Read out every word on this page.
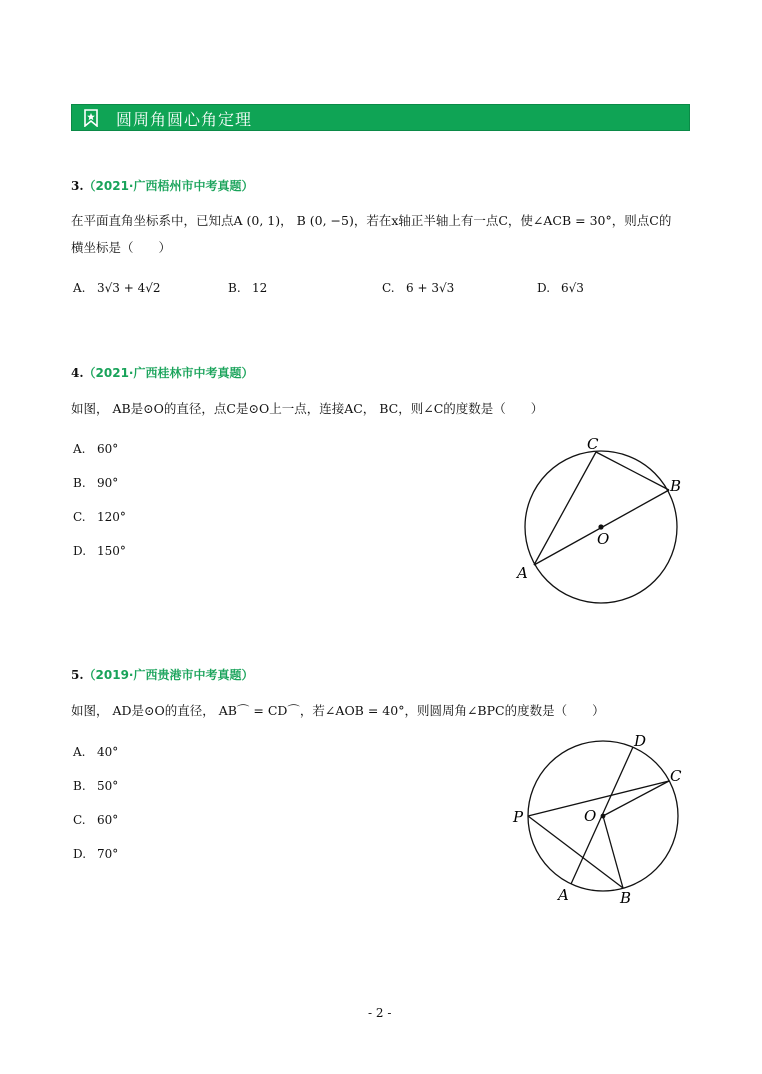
圆周角圆心角定理
3.（2021·广西梧州市中考真题）
在平面直角坐标系中，已知点A (0, 1)， B (0, −5)，若在x轴正半轴上有一点C，使∠ACB = 30°，则点C的
横坐标是（　　）
A. 3√3 + 4√2	B. 12	C. 6 + 3√3	D. 6√3
4.（2021·广西桂林市中考真题）
如图， AB是⊙O的直径，点C是⊙O上一点，连接AC， BC，则∠C的度数是（　　）
A. 60°
B. 90°
C. 120°
D. 150°
C
B
O
A
5.（2019·广西贵港市中考真题）
如图， AD是⊙O的直径， AB⌒ = CD⌒，若∠AOB = 40°，则圆周角∠BPC的度数是（　　）
A. 40°
B. 50°
C. 60°
D. 70°
D
C
P	O
A	B
- 2 -
